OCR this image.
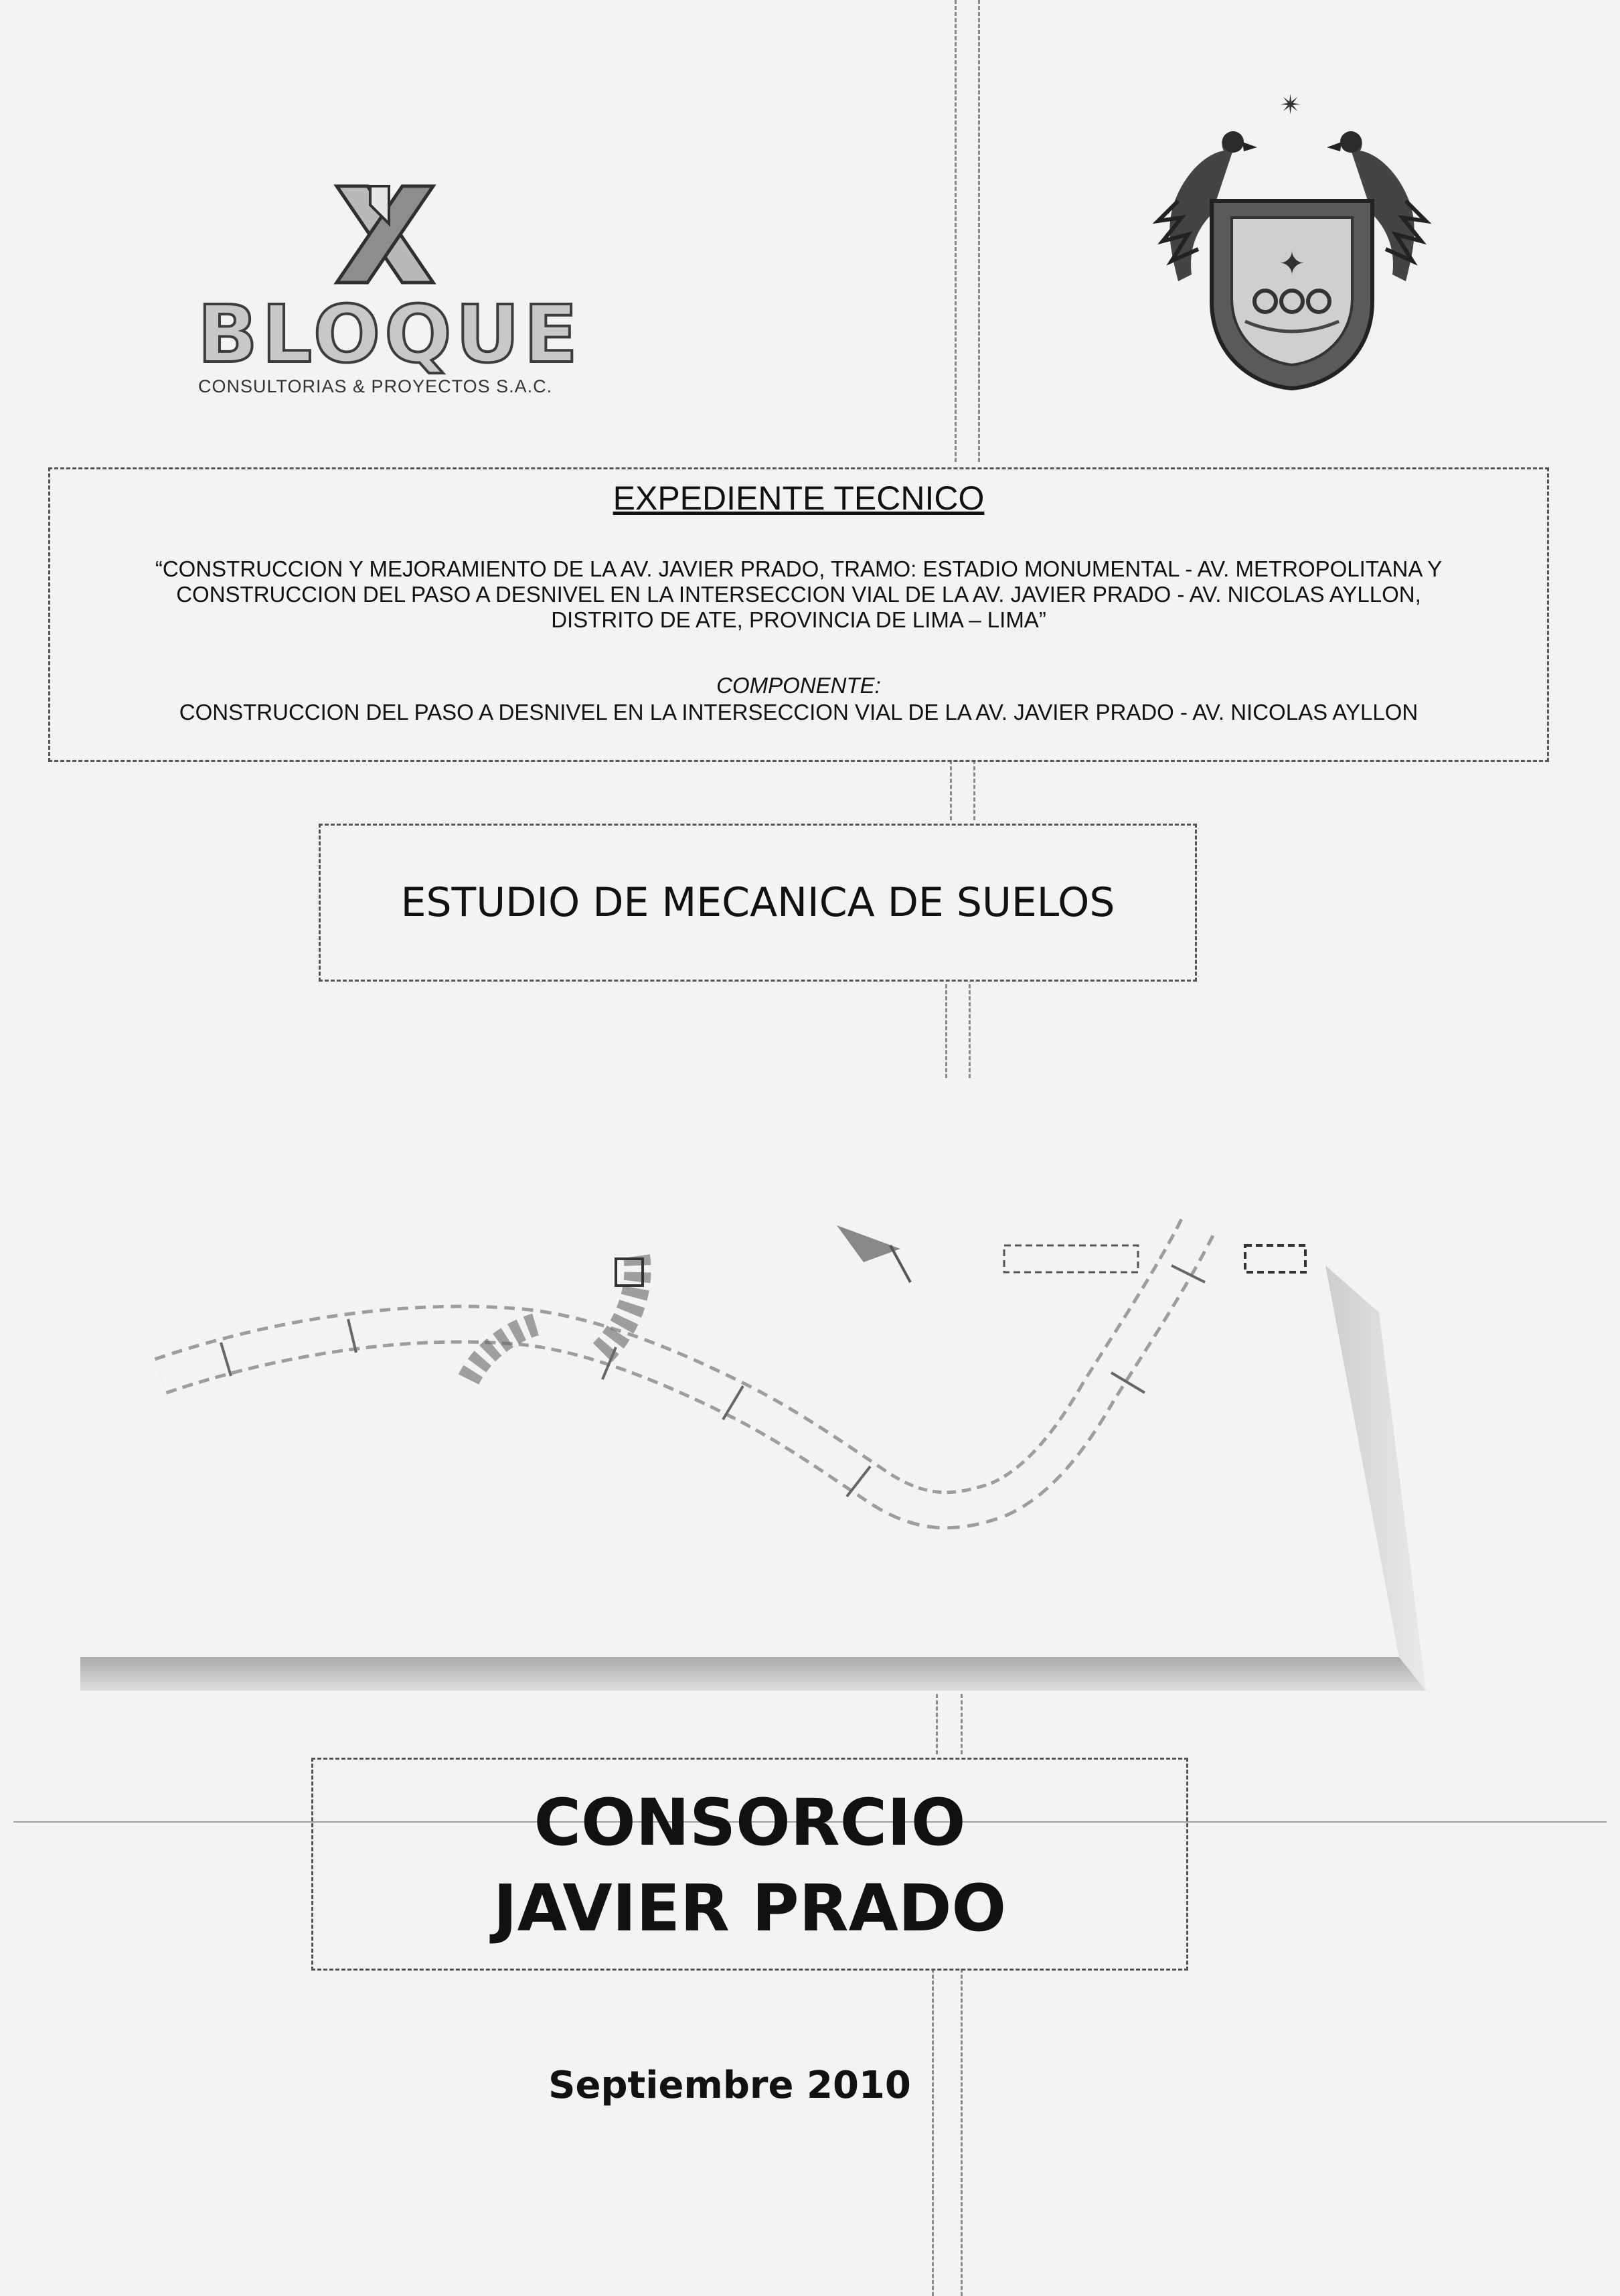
BLOQUE
CONSULTORIAS & PROYECTOS S.A.C.
✴
✦
EXPEDIENTE TECNICO
“CONSTRUCCION Y MEJORAMIENTO DE LA AV. JAVIER PRADO, TRAMO: ESTADIO MONUMENTAL - AV. METROPOLITANA Y
CONSTRUCCION DEL PASO A DESNIVEL EN LA INTERSECCION VIAL DE LA AV. JAVIER PRADO - AV. NICOLAS AYLLON,
DISTRITO DE ATE, PROVINCIA DE LIMA – LIMA”
COMPONENTE:
CONSTRUCCION DEL PASO A DESNIVEL EN LA INTERSECCION VIAL DE LA AV. JAVIER PRADO - AV. NICOLAS AYLLON
ESTUDIO DE MECANICA DE SUELOS
CONSORCIO
JAVIER PRADO
Septiembre 2010
